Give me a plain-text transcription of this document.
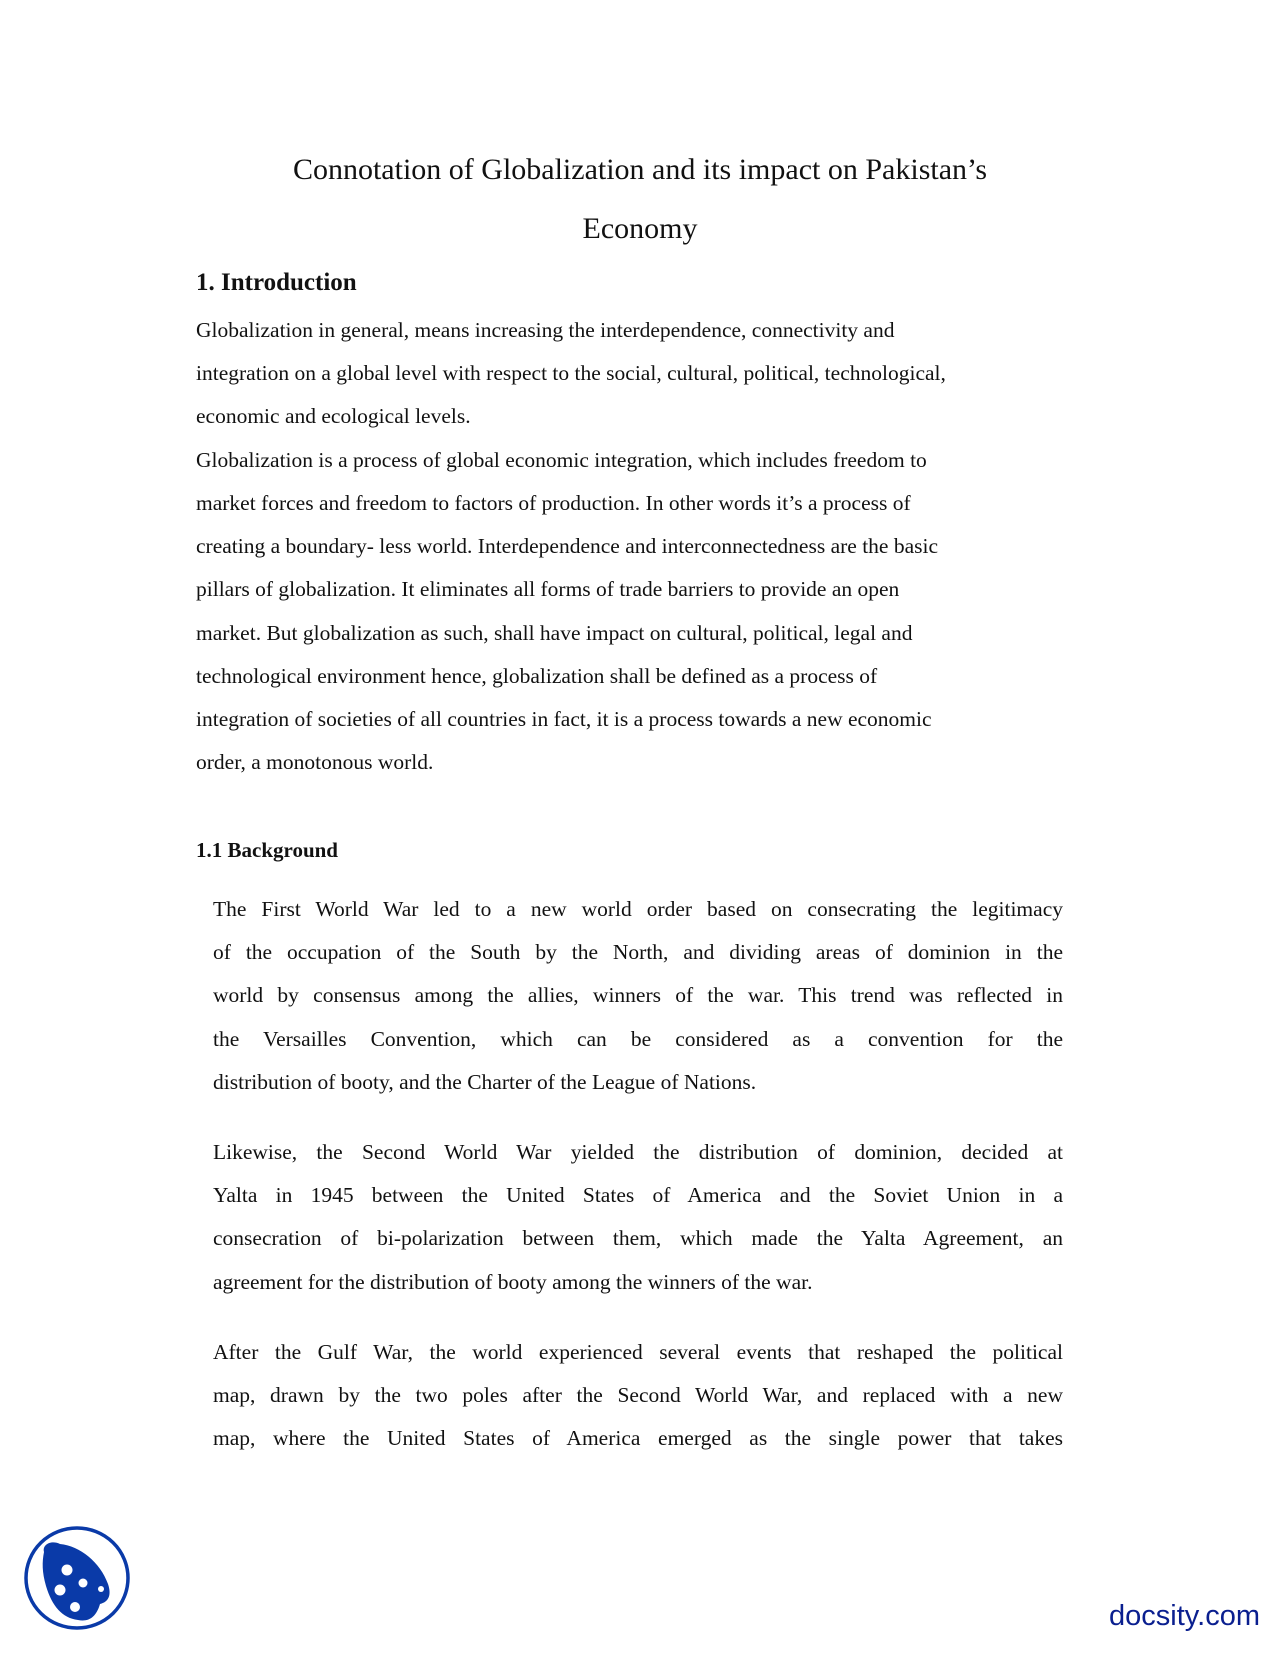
Connotation of Globalization and its impact on Pakistan’s
Economy
1. Introduction
Globalization in general, means increasing the interdependence, connectivity and
integration on a global level with respect to the social, cultural, political, technological,
economic and ecological levels.
Globalization is a process of global economic integration, which includes freedom to
market forces and freedom to factors of production. In other words it’s a process of
creating a boundary- less world. Interdependence and interconnectedness are the basic
pillars of globalization. It eliminates all forms of trade barriers to provide an open
market. But globalization as such, shall have impact on cultural, political, legal and
technological environment hence, globalization shall be defined as a process of
integration of societies of all countries in fact, it is a process towards a new economic
order, a monotonous world.
1.1 Background
The First World War led to a new world order based on consecrating the legitimacy
of the occupation of the South by the North, and dividing areas of dominion in the
world by consensus among the allies, winners of the war. This trend was reflected in
the Versailles Convention, which can be considered as a convention for the
distribution of booty, and the Charter of the League of Nations.
Likewise, the Second World War yielded the distribution of dominion, decided at
Yalta in 1945 between the United States of America and the Soviet Union in a
consecration of bi-polarization between them, which made the Yalta Agreement, an
agreement for the distribution of booty among the winners of the war.
After the Gulf War, the world experienced several events that reshaped the political
map, drawn by the two poles after the Second World War, and replaced with a new
map, where the United States of America emerged as the single power that takes
docsity.com
